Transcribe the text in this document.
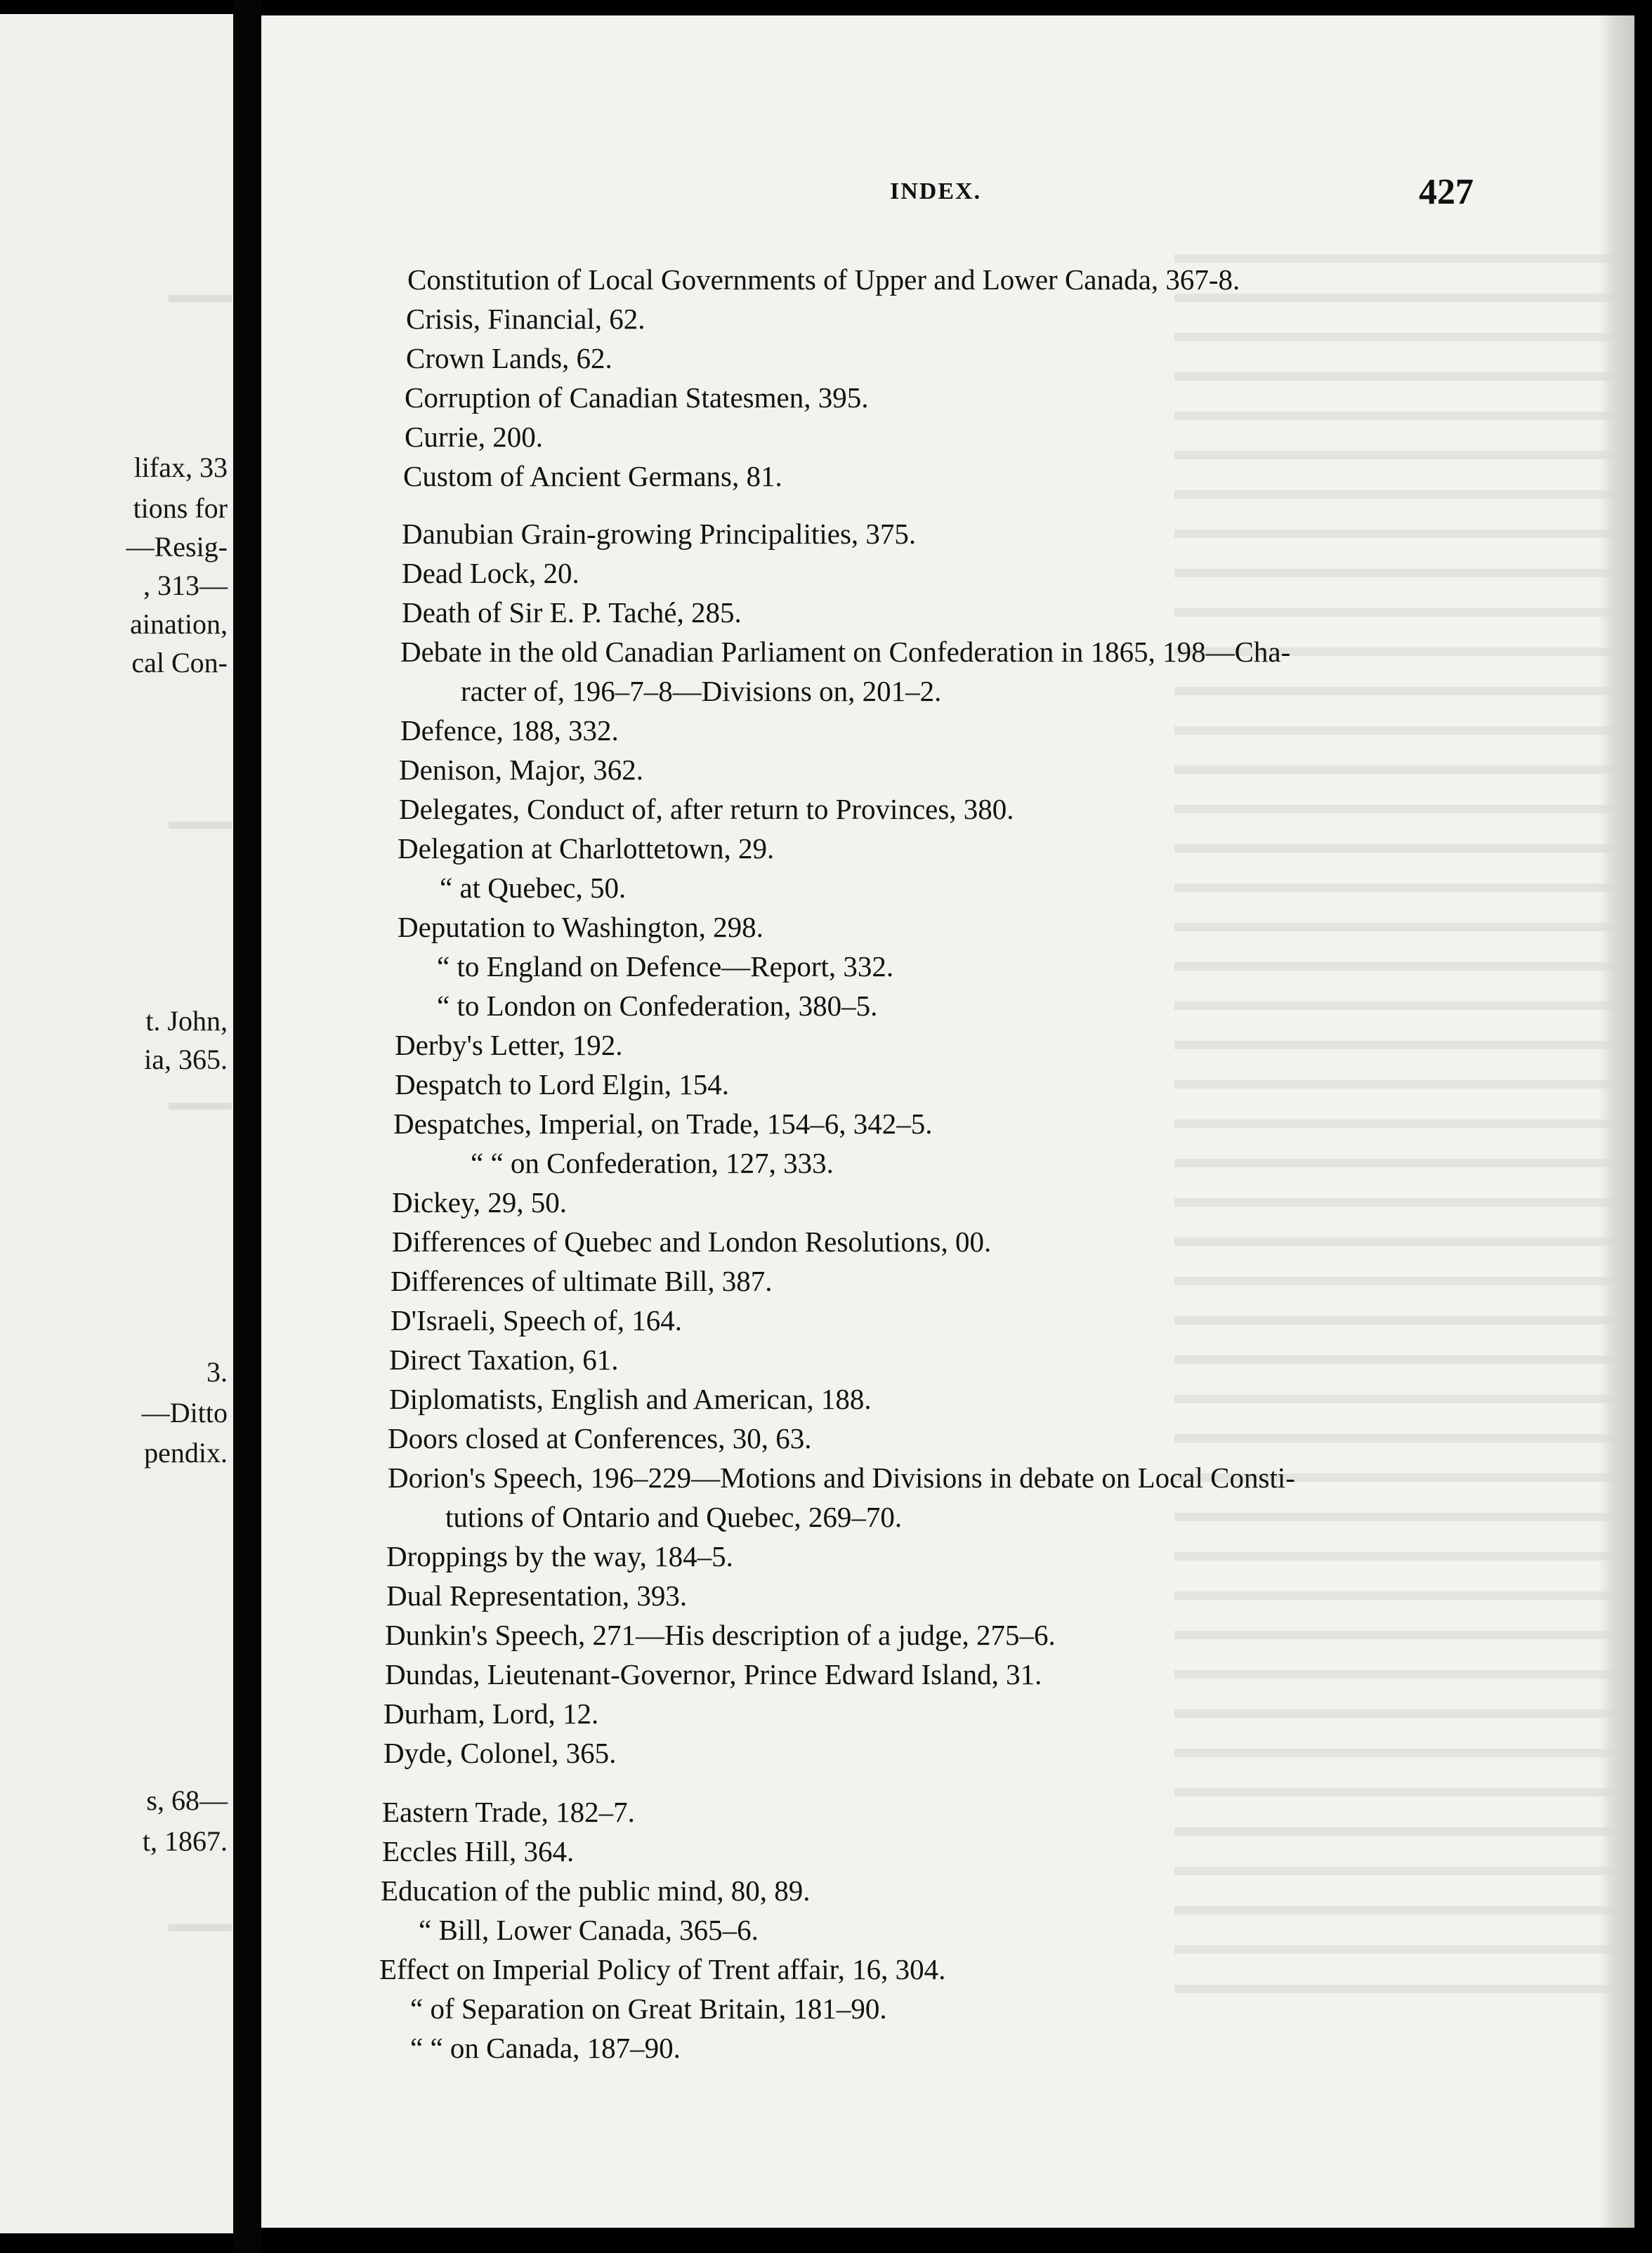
lifax, 33
tions for
—Resig-
, 313—
aination,
cal Con-
t. John,
ia, 365.
3.
—Ditto
pendix.
s, 68—
t, 1867.
INDEX.	427
Constitution of Local Governments of Upper and Lower Canada, 367-8.
Crisis, Financial, 62.
Crown Lands, 62.
Corruption of Canadian Statesmen, 395.
Currie, 200.
Custom of Ancient Germans, 81.
Danubian Grain-growing Principalities, 375.
Dead Lock, 20.
Death of Sir E. P. Taché, 285.
Debate in the old Canadian Parliament on Confederation in 1865, 198—Cha-
racter of, 196–7–8—Divisions on, 201–2.
Defence, 188, 332.
Denison, Major, 362.
Delegates, Conduct of, after return to Provinces, 380.
Delegation at Charlottetown, 29.
“ at Quebec, 50.
Deputation to Washington, 298.
“ to England on Defence—Report, 332.
“ to London on Confederation, 380–5.
Derby's Letter, 192.
Despatch to Lord Elgin, 154.
Despatches, Imperial, on Trade, 154–6, 342–5.
“ “ on Confederation, 127, 333.
Dickey, 29, 50.
Differences of Quebec and London Resolutions, 00.
Differences of ultimate Bill, 387.
D'Israeli, Speech of, 164.
Direct Taxation, 61.
Diplomatists, English and American, 188.
Doors closed at Conferences, 30, 63.
Dorion's Speech, 196–229—Motions and Divisions in debate on Local Consti-
tutions of Ontario and Quebec, 269–70.
Droppings by the way, 184–5.
Dual Representation, 393.
Dunkin's Speech, 271—His description of a judge, 275–6.
Dundas, Lieutenant-Governor, Prince Edward Island, 31.
Durham, Lord, 12.
Dyde, Colonel, 365.
Eastern Trade, 182–7.
Eccles Hill, 364.
Education of the public mind, 80, 89.
“ Bill, Lower Canada, 365–6.
Effect on Imperial Policy of Trent affair, 16, 304.
“ of Separation on Great Britain, 181–90.
“ “ on Canada, 187–90.
